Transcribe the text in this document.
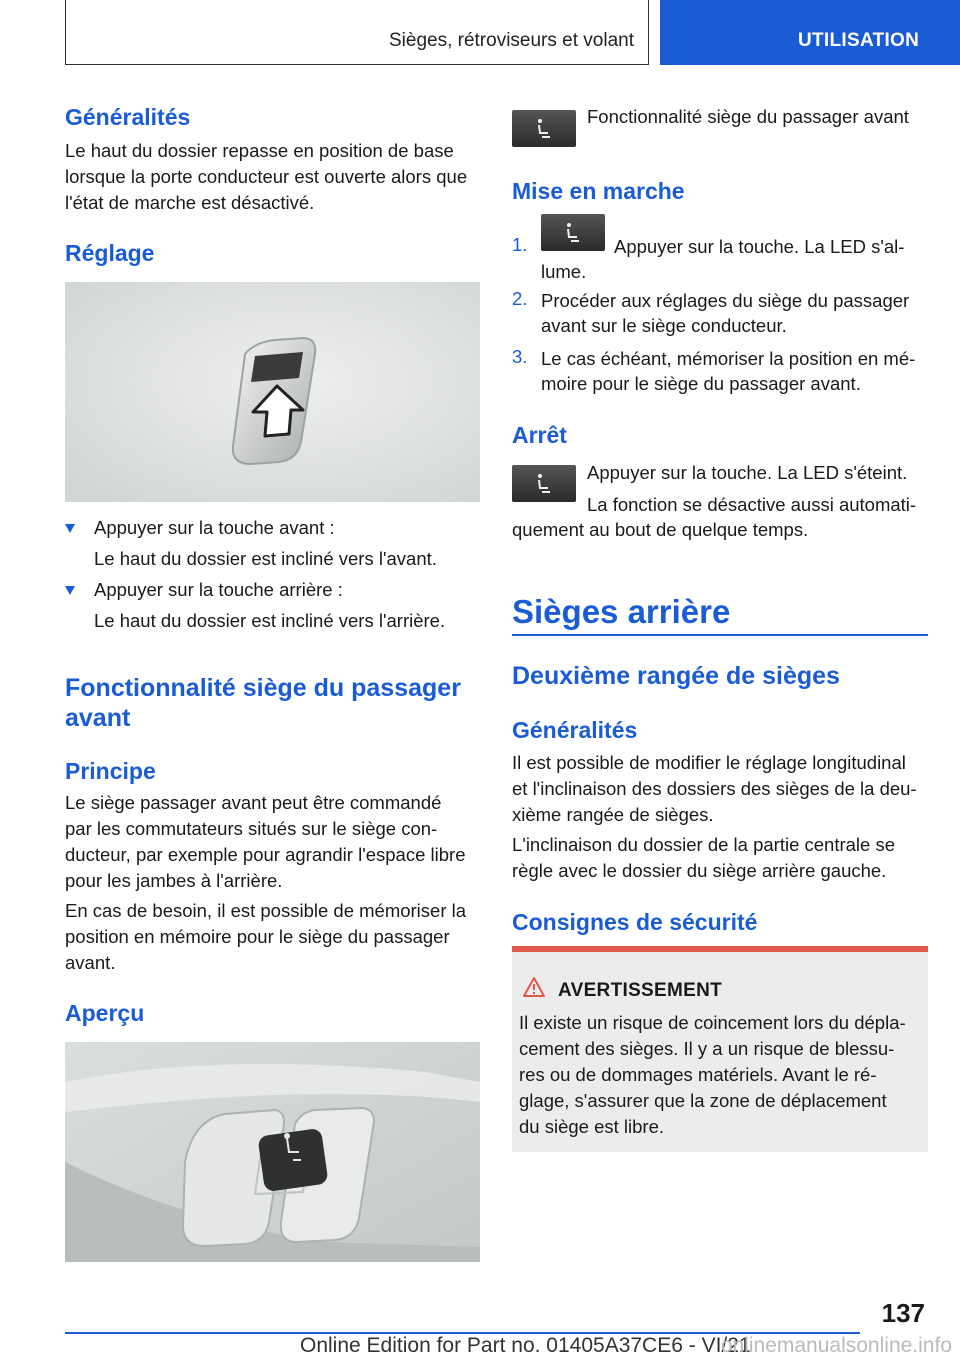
Sièges, rétroviseurs et volant	UTILISATION
Généralités
Le haut du dossier repasse en position de base
lorsque la porte conducteur est ouverte alors que
l'état de marche est désactivé.
Réglage
Appuyer sur la touche avant :
Le haut du dossier est incliné vers l'avant.
Appuyer sur la touche arrière :
Le haut du dossier est incliné vers l'arrière.
Fonctionnalité siège du passager
avant
Principe
Le siège passager avant peut être commandé
par les commutateurs situés sur le siège con-
ducteur, par exemple pour agrandir l'espace libre
pour les jambes à l'arrière.
En cas de besoin, il est possible de mémoriser la
position en mémoire pour le siège du passager
avant.
Aperçu
Fonctionnalité siège du passager avant
Mise en marche
1.	Appuyer sur la touche. La LED s'al-
lume.
2. Procéder aux réglages du siège du passager
avant sur le siège conducteur.
3. Le cas échéant, mémoriser la position en mé-
moire pour le siège du passager avant.
Arrêt
Appuyer sur la touche. La LED s'éteint.
La fonction se désactive aussi automati-
quement au bout de quelque temps.
Sièges arrière
Deuxième rangée de sièges
Généralités
Il est possible de modifier le réglage longitudinal
et l'inclinaison des dossiers des sièges de la deu-
xième rangée de sièges.
L'inclinaison du dossier de la partie centrale se
règle avec le dossier du siège arrière gauche.
Consignes de sécurité
AVERTISSEMENT
Il existe un risque de coincement lors du dépla-
cement des sièges. Il y a un risque de blessu-
res ou de dommages matériels. Avant le ré-
glage, s'assurer que la zone de déplacement
du siège est libre.
137
Online Edition for Part no. 01405A37CE6 - VI/21
onlinemanualsonline.info
